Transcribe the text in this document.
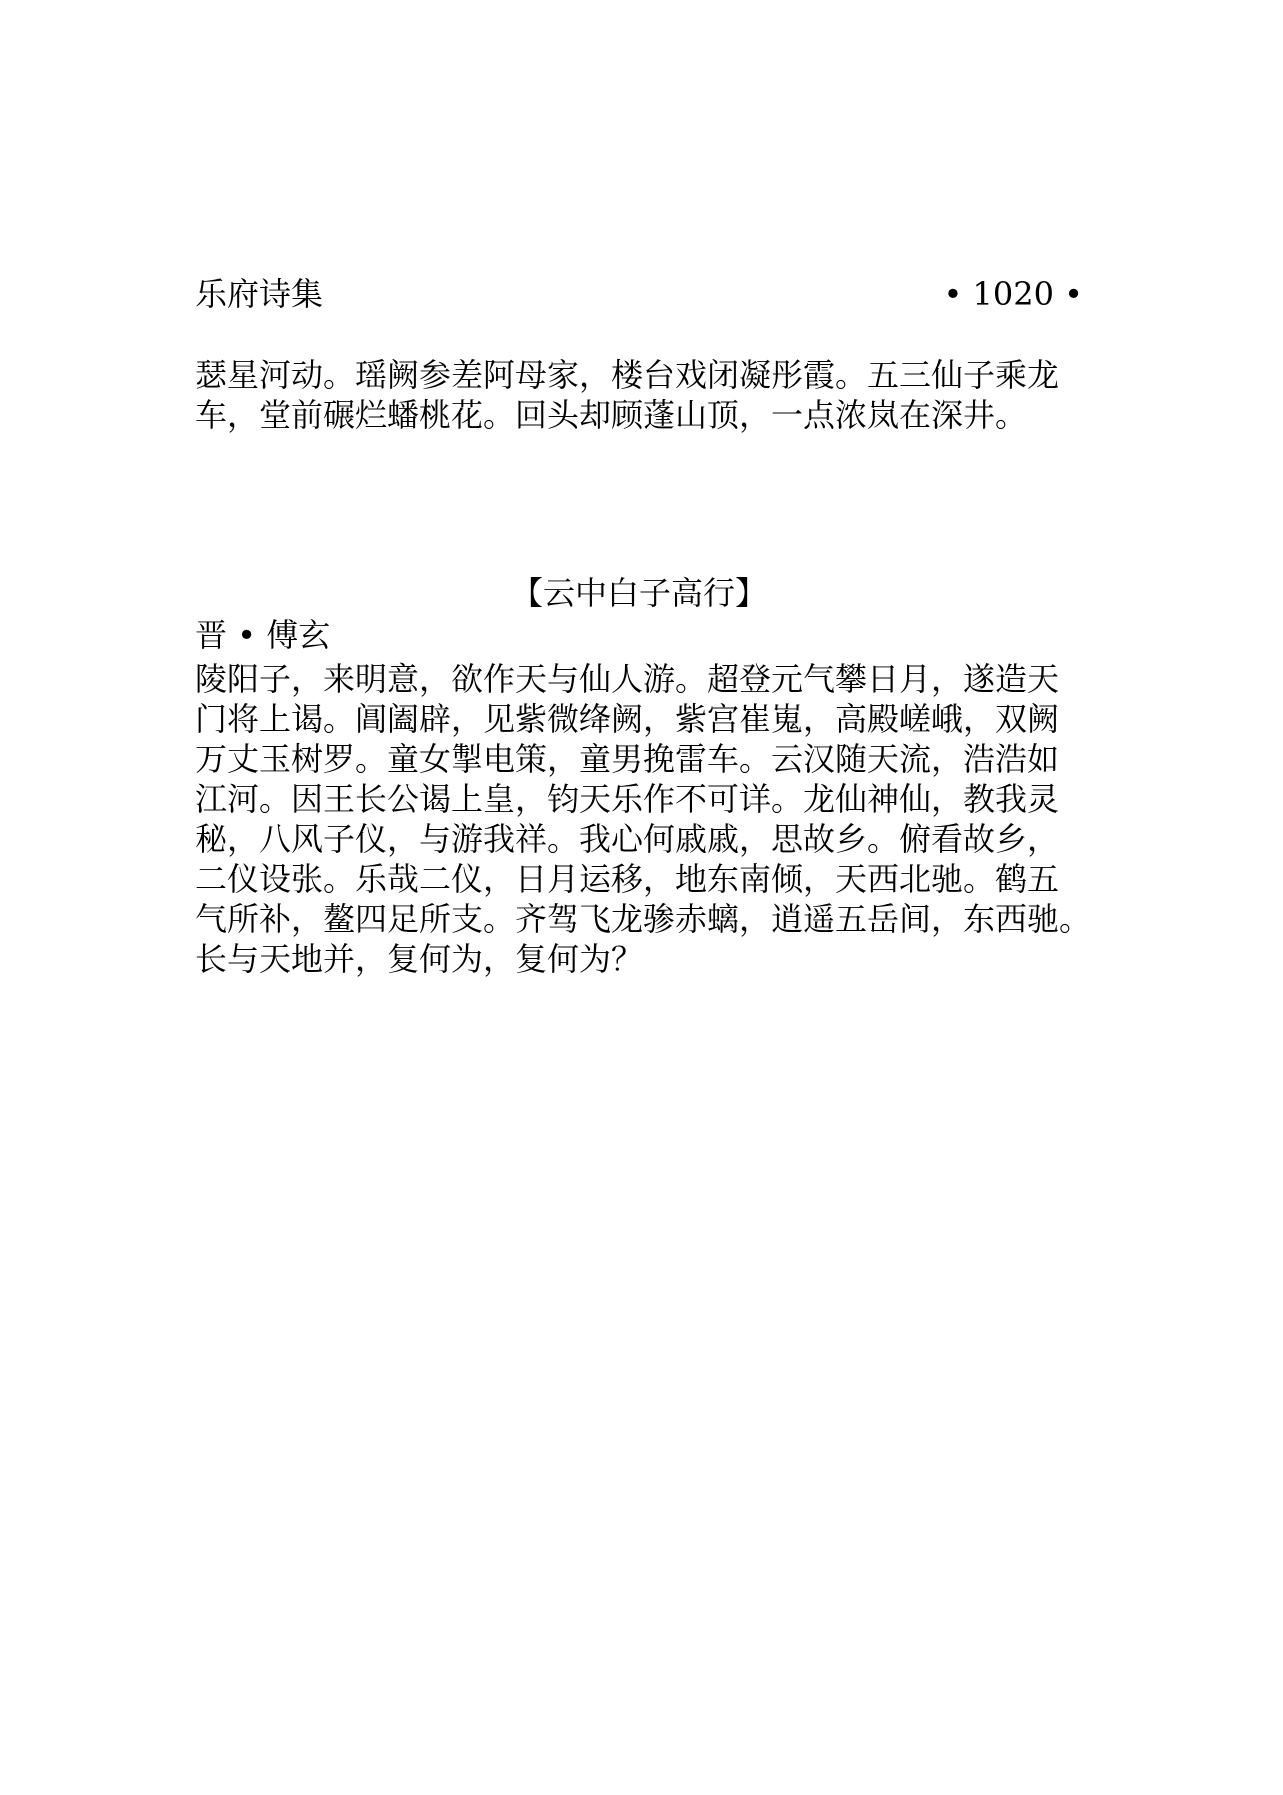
乐府诗集	• 1020 •
瑟星河动。瑶阙参差阿母家，楼台戏闭凝彤霞。五三仙子乘龙
车，堂前碾烂蟠桃花。回头却顾蓬山顶，一点浓岚在深井。
【云中白子高行】
晋 • 傅玄
陵阳子，来明意，欲作天与仙人游。超登元气攀日月，遂造天
门将上谒。阊阖辟，见紫微绛阙，紫宫崔嵬，高殿嵯峨，双阙
万丈玉树罗。童女掣电策，童男挽雷车。云汉随天流，浩浩如
江河。因王长公谒上皇，钧天乐作不可详。龙仙神仙，教我灵
秘，八风子仪，与游我祥。我心何戚戚，思故乡。俯看故乡，
二仪设张。乐哉二仪，日月运移，地东南倾，天西北驰。鹤五
气所补，鳌四足所支。齐驾飞龙骖赤螭，逍遥五岳间，东西驰。
长与天地并，复何为，复何为？
